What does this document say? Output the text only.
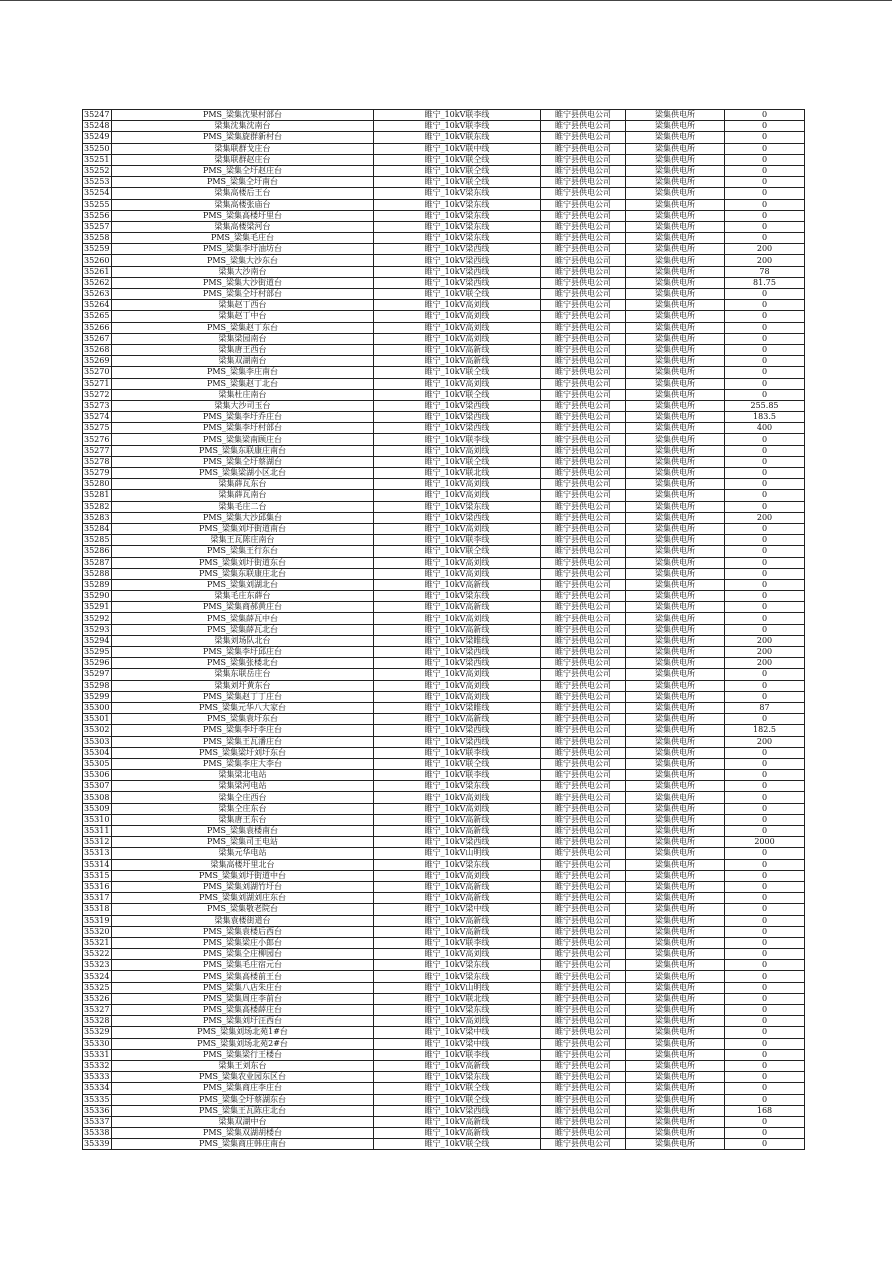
35247	PMS_梁集沈果村部台	睢宁_10kV联李线	睢宁县供电公司	梁集供电所	0
35248	梁集沈集沈南台	睢宁_10kV联李线	睢宁县供电公司	梁集供电所	0
35249	PMS_梁集旋群新村台	睢宁_10kV联东线	睢宁县供电公司	梁集供电所	0
35250	梁集联群戈庄台	睢宁_10kV联中线	睢宁县供电公司	梁集供电所	0
35251	梁集联群赵庄台	睢宁_10kV联仝线	睢宁县供电公司	梁集供电所	0
35252	PMS_梁集仝圩赵庄台	睢宁_10kV联仝线	睢宁县供电公司	梁集供电所	0
35253	PMS_梁集仝圩南台	睢宁_10kV联仝线	睢宁县供电公司	梁集供电所	0
35254	梁集高楼后王台	睢宁_10kV梁东线	睢宁县供电公司	梁集供电所	0
35255	梁集高楼张庙台	睢宁_10kV梁东线	睢宁县供电公司	梁集供电所	0
35256	PMS_梁集高楼圩里台	睢宁_10kV梁东线	睢宁县供电公司	梁集供电所	0
35257	梁集高楼梁河台	睢宁_10kV梁东线	睢宁县供电公司	梁集供电所	0
35258	PMS_梁集毛庄台	睢宁_10kV梁东线	睢宁县供电公司	梁集供电所	0
35259	PMS_梁集李圩油坊台	睢宁_10kV梁西线	睢宁县供电公司	梁集供电所	200
35260	PMS_梁集大沙东台	睢宁_10kV梁西线	睢宁县供电公司	梁集供电所	200
35261	梁集大沙南台	睢宁_10kV梁西线	睢宁县供电公司	梁集供电所	78
35262	PMS_梁集大沙街道台	睢宁_10kV梁西线	睢宁县供电公司	梁集供电所	81.75
35263	PMS_梁集仝圩村部台	睢宁_10kV联仝线	睢宁县供电公司	梁集供电所	0
35264	梁集赵丁西台	睢宁_10kV高刘线	睢宁县供电公司	梁集供电所	0
35265	梁集赵丁中台	睢宁_10kV高刘线	睢宁县供电公司	梁集供电所	0
35266	PMS_梁集赵丁东台	睢宁_10kV高刘线	睢宁县供电公司	梁集供电所	0
35267	梁集梁园南台	睢宁_10kV高刘线	睢宁县供电公司	梁集供电所	0
35268	梁集唐王西台	睢宁_10kV高新线	睢宁县供电公司	梁集供电所	0
35269	梁集双湖南台	睢宁_10kV高新线	睢宁县供电公司	梁集供电所	0
35270	PMS_梁集李庄南台	睢宁_10kV联仝线	睢宁县供电公司	梁集供电所	0
35271	PMS_梁集赵丁北台	睢宁_10kV高刘线	睢宁县供电公司	梁集供电所	0
35272	梁集杜庄南台	睢宁_10kV联仝线	睢宁县供电公司	梁集供电所	0
35273	梁集大沙司玉台	睢宁_10kV梁西线	睢宁县供电公司	梁集供电所	255.85
35274	PMS_梁集李圩乔庄台	睢宁_10kV梁西线	睢宁县供电公司	梁集供电所	183.5
35275	PMS_梁集李圩村部台	睢宁_10kV梁西线	睢宁县供电公司	梁集供电所	400
35276	PMS_梁集梁南顾庄台	睢宁_10kV联李线	睢宁县供电公司	梁集供电所	0
35277	PMS_梁集东联康庄南台	睢宁_10kV高刘线	睢宁县供电公司	梁集供电所	0
35278	PMS_梁集仝圩蔡湖台	睢宁_10kV联仝线	睢宁县供电公司	梁集供电所	0
35279	PMS_梁集梁湖小区北台	睢宁_10kV联北线	睢宁县供电公司	梁集供电所	0
35280	梁集薛瓦东台	睢宁_10kV高刘线	睢宁县供电公司	梁集供电所	0
35281	梁集薛瓦南台	睢宁_10kV高刘线	睢宁县供电公司	梁集供电所	0
35282	梁集毛庄二台	睢宁_10kV梁东线	睢宁县供电公司	梁集供电所	0
35283	PMS_梁集大沙邱集台	睢宁_10kV梁西线	睢宁县供电公司	梁集供电所	200
35284	PMS_梁集刘圩街道南台	睢宁_10kV高刘线	睢宁县供电公司	梁集供电所	0
35285	梁集王瓦陈庄南台	睢宁_10kV联李线	睢宁县供电公司	梁集供电所	0
35286	PMS_梁集王行东台	睢宁_10kV联仝线	睢宁县供电公司	梁集供电所	0
35287	PMS_梁集刘圩街道东台	睢宁_10kV高刘线	睢宁县供电公司	梁集供电所	0
35288	PMS_梁集东联康庄北台	睢宁_10kV高刘线	睢宁县供电公司	梁集供电所	0
35289	PMS_梁集刘湖北台	睢宁_10kV高新线	睢宁县供电公司	梁集供电所	0
35290	梁集毛庄东薛台	睢宁_10kV梁东线	睢宁县供电公司	梁集供电所	0
35291	PMS_梁集商郝黄庄台	睢宁_10kV高新线	睢宁县供电公司	梁集供电所	0
35292	PMS_梁集薛瓦中台	睢宁_10kV高刘线	睢宁县供电公司	梁集供电所	0
35293	PMS_梁集薛瓦北台	睢宁_10kV高新线	睢宁县供电公司	梁集供电所	0
35294	梁集刘场队北台	睢宁_10kV梁睢线	睢宁县供电公司	梁集供电所	200
35295	PMS_梁集李圩邱庄台	睢宁_10kV梁西线	睢宁县供电公司	梁集供电所	200
35296	PMS_梁集张楼北台	睢宁_10kV梁西线	睢宁县供电公司	梁集供电所	200
35297	梁集东联岳庄台	睢宁_10kV高刘线	睢宁县供电公司	梁集供电所	0
35298	梁集刘圩黄东台	睢宁_10kV高刘线	睢宁县供电公司	梁集供电所	0
35299	PMS_梁集赵丁丁庄台	睢宁_10kV高刘线	睢宁县供电公司	梁集供电所	0
35300	PMS_梁集元华八大家台	睢宁_10kV梁睢线	睢宁县供电公司	梁集供电所	87
35301	PMS_梁集袁圩东台	睢宁_10kV高新线	睢宁县供电公司	梁集供电所	0
35302	PMS_梁集李圩李庄台	睢宁_10kV梁西线	睢宁县供电公司	梁集供电所	182.5
35303	PMS_梁集王瓦潘庄台	睢宁_10kV梁西线	睢宁县供电公司	梁集供电所	200
35304	PMS_梁集梁圩刘圩东台	睢宁_10kV联李线	睢宁县供电公司	梁集供电所	0
35305	PMS_梁集李庄大李台	睢宁_10kV联仝线	睢宁县供电公司	梁集供电所	0
35306	梁集梁北电站	睢宁_10kV联李线	睢宁县供电公司	梁集供电所	0
35307	梁集梁河电站	睢宁_10kV梁东线	睢宁县供电公司	梁集供电所	0
35308	梁集仝庄西台	睢宁_10kV高刘线	睢宁县供电公司	梁集供电所	0
35309	梁集仝庄东台	睢宁_10kV高刘线	睢宁县供电公司	梁集供电所	0
35310	梁集唐王东台	睢宁_10kV高新线	睢宁县供电公司	梁集供电所	0
35311	PMS_梁集袁楼南台	睢宁_10kV高新线	睢宁县供电公司	梁集供电所	0
35312	PMS_梁集司王电站	睢宁_10kV梁西线	睢宁县供电公司	梁集供电所	2000
35313	梁集元华电站	睢宁_10kV山明线	睢宁县供电公司	梁集供电所	0
35314	梁集高楼圩里北台	睢宁_10kV梁东线	睢宁县供电公司	梁集供电所	0
35315	PMS_梁集刘圩街道中台	睢宁_10kV高刘线	睢宁县供电公司	梁集供电所	0
35316	PMS_梁集刘湖竹圩台	睢宁_10kV高新线	睢宁县供电公司	梁集供电所	0
35317	PMS_梁集刘湖刘庄东台	睢宁_10kV高新线	睢宁县供电公司	梁集供电所	0
35318	PMS_梁集敬老院台	睢宁_10kV梁中线	睢宁县供电公司	梁集供电所	0
35319	梁集袁楼街道台	睢宁_10kV高新线	睢宁县供电公司	梁集供电所	0
35320	PMS_梁集袁楼后西台	睢宁_10kV高新线	睢宁县供电公司	梁集供电所	0
35321	PMS_梁集梁庄小郎台	睢宁_10kV联李线	睢宁县供电公司	梁集供电所	0
35322	PMS_梁集仝庄柳园台	睢宁_10kV高刘线	睢宁县供电公司	梁集供电所	0
35323	PMS_梁集毛庄宿元台	睢宁_10kV梁东线	睢宁县供电公司	梁集供电所	0
35324	PMS_梁集高楼前王台	睢宁_10kV梁东线	睢宁县供电公司	梁集供电所	0
35325	PMS_梁集八店朱庄台	睢宁_10kV山明线	睢宁县供电公司	梁集供电所	0
35326	PMS_梁集周庄李前台	睢宁_10kV联北线	睢宁县供电公司	梁集供电所	0
35327	PMS_梁集高楼薛庄台	睢宁_10kV梁东线	睢宁县供电公司	梁集供电所	0
35328	PMS_梁集刘圩汪西台	睢宁_10kV高刘线	睢宁县供电公司	梁集供电所	0
35329	PMS_梁集刘场北苑1#台	睢宁_10kV梁中线	睢宁县供电公司	梁集供电所	0
35330	PMS_梁集刘场北苑2#台	睢宁_10kV梁中线	睢宁县供电公司	梁集供电所	0
35331	PMS_梁集梁行王楼台	睢宁_10kV联李线	睢宁县供电公司	梁集供电所	0
35332	梁集王刘东台	睢宁_10kV高新线	睢宁县供电公司	梁集供电所	0
35333	PMS_梁集农业园东区台	睢宁_10kV梁东线	睢宁县供电公司	梁集供电所	0
35334	PMS_梁集商庄李庄台	睢宁_10kV联仝线	睢宁县供电公司	梁集供电所	0
35335	PMS_梁集仝圩蔡湖东台	睢宁_10kV联仝线	睢宁县供电公司	梁集供电所	0
35336	PMS_梁集王瓦陈庄北台	睢宁_10kV梁西线	睢宁县供电公司	梁集供电所	168
35337	梁集双湖中台	睢宁_10kV高新线	睢宁县供电公司	梁集供电所	0
35338	PMS_梁集双湖胡楼台	睢宁_10kV高新线	睢宁县供电公司	梁集供电所	0
35339	PMS_梁集商庄韩庄南台	睢宁_10kV联仝线	睢宁县供电公司	梁集供电所	0
